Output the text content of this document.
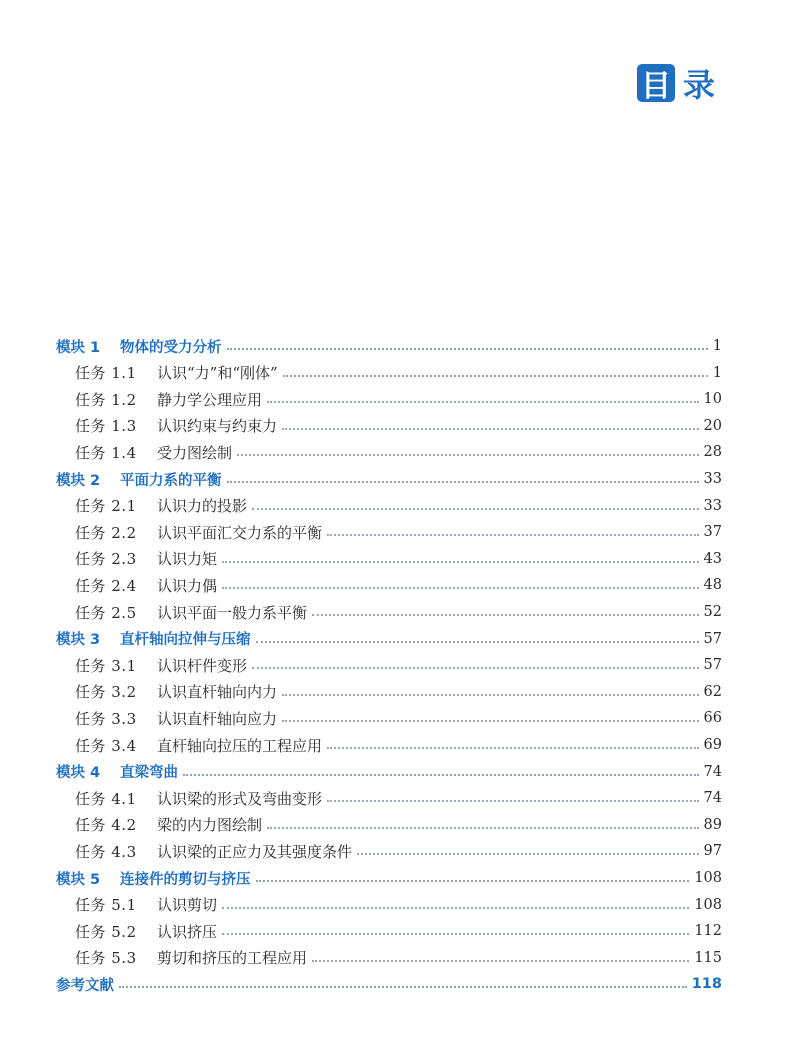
目 录
模块 1 物体的受力分析	1
任务 1.1 认识“力”和“刚体”	1
任务 1.2 静力学公理应用	10
任务 1.3 认识约束与约束力	20
任务 1.4 受力图绘制	28
模块 2 平面力系的平衡	33
任务 2.1 认识力的投影	33
任务 2.2 认识平面汇交力系的平衡	37
任务 2.3 认识力矩	43
任务 2.4 认识力偶	48
任务 2.5 认识平面一般力系平衡	52
模块 3 直杆轴向拉伸与压缩	57
任务 3.1 认识杆件变形	57
任务 3.2 认识直杆轴向内力	62
任务 3.3 认识直杆轴向应力	66
任务 3.4 直杆轴向拉压的工程应用	69
模块 4 直梁弯曲	74
任务 4.1 认识梁的形式及弯曲变形	74
任务 4.2 梁的内力图绘制	89
任务 4.3 认识梁的正应力及其强度条件	97
模块 5 连接件的剪切与挤压	108
任务 5.1 认识剪切	108
任务 5.2 认识挤压	112
任务 5.3 剪切和挤压的工程应用	115
参考文献	118
